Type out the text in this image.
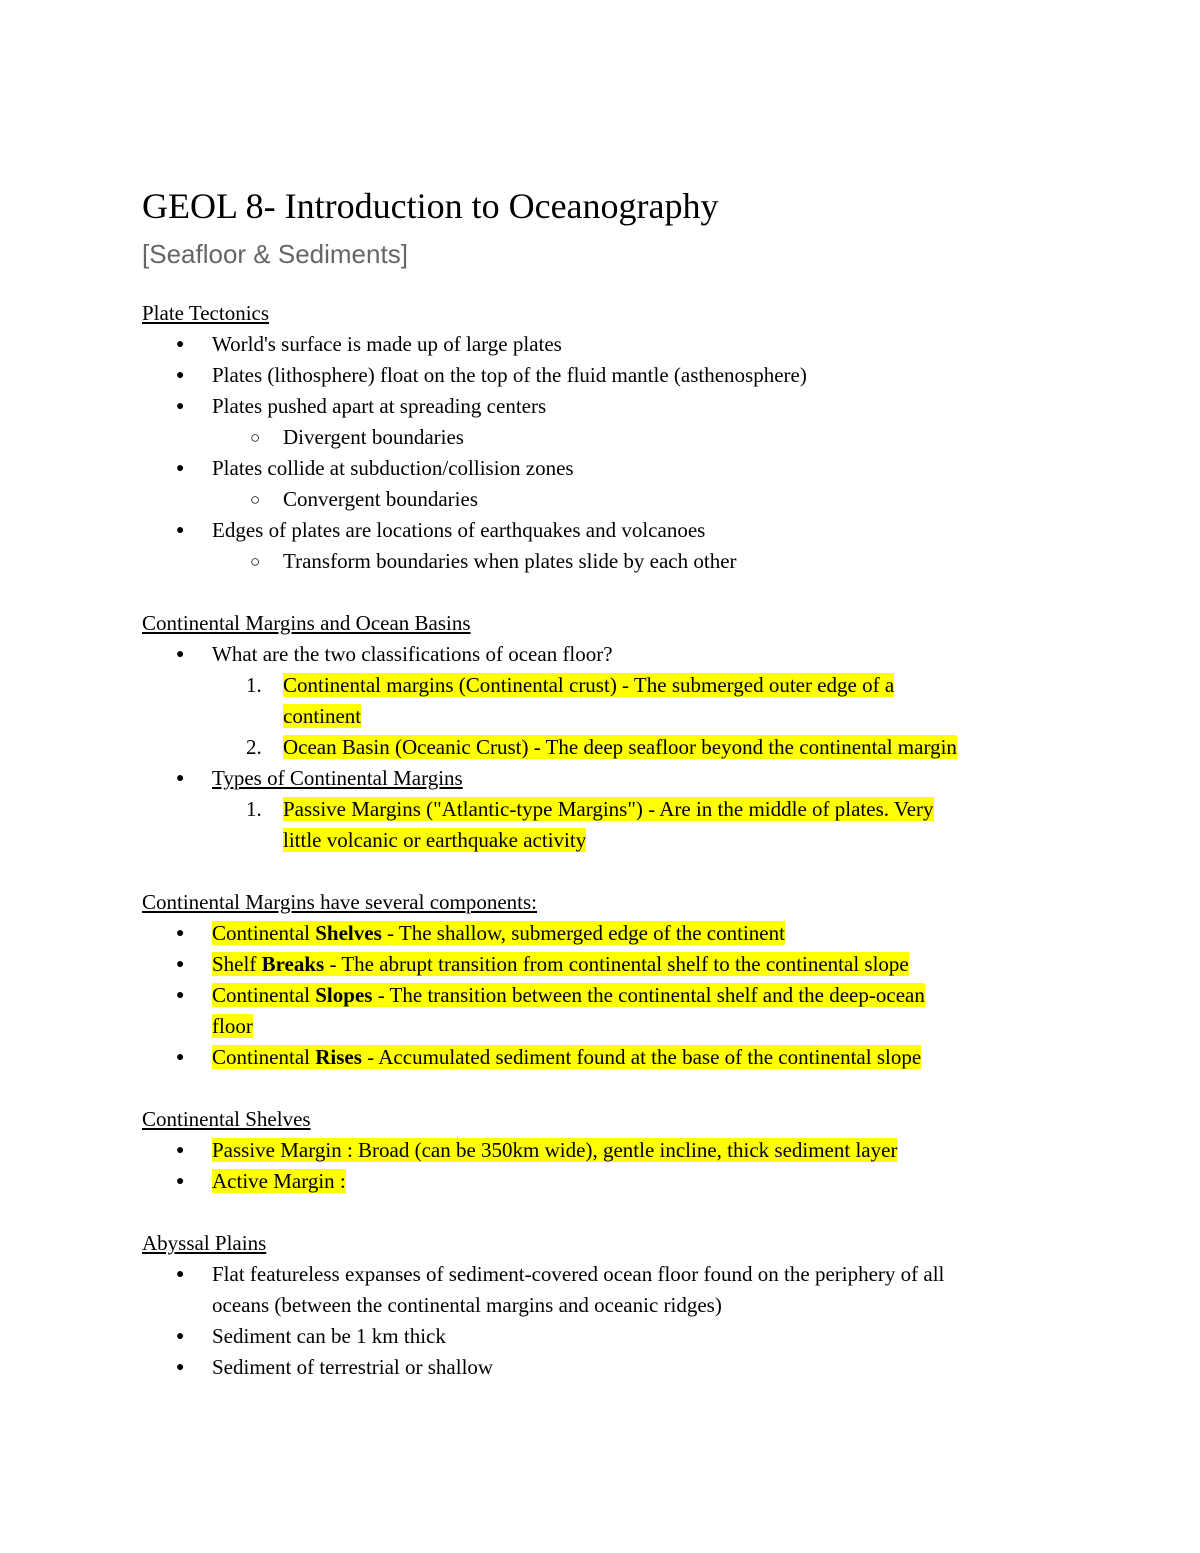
GEOL 8- Introduction to Oceanography
[Seafloor & Sediments]
Plate Tectonics
● World's surface is made up of large plates
● Plates (lithosphere) float on the top of the fluid mantle (asthenosphere)
● Plates pushed apart at spreading centers
○ Divergent boundaries
● Plates collide at subduction/collision zones
○ Convergent boundaries
● Edges of plates are locations of earthquakes and volcanoes
○ Transform boundaries when plates slide by each other
Continental Margins and Ocean Basins
● What are the two classifications of ocean floor?
1. Continental margins (Continental crust) - The submerged outer edge of a
continent
2. Ocean Basin (Oceanic Crust) - The deep seafloor beyond the continental margin
● Types of Continental Margins
1. Passive Margins ("Atlantic-type Margins") - Are in the middle of plates. Very
little volcanic or earthquake activity
Continental Margins have several components:
● Continental Shelves - The shallow, submerged edge of the continent
● Shelf Breaks - The abrupt transition from continental shelf to the continental slope
● Continental Slopes - The transition between the continental shelf and the deep-ocean
floor
● Continental Rises - Accumulated sediment found at the base of the continental slope
Continental Shelves
● Passive Margin : Broad (can be 350km wide), gentle incline, thick sediment layer
● Active Margin :
Abyssal Plains
● Flat featureless expanses of sediment-covered ocean floor found on the periphery of all
oceans (between the continental margins and oceanic ridges)
● Sediment can be 1 km thick
● Sediment of terrestrial or shallow
